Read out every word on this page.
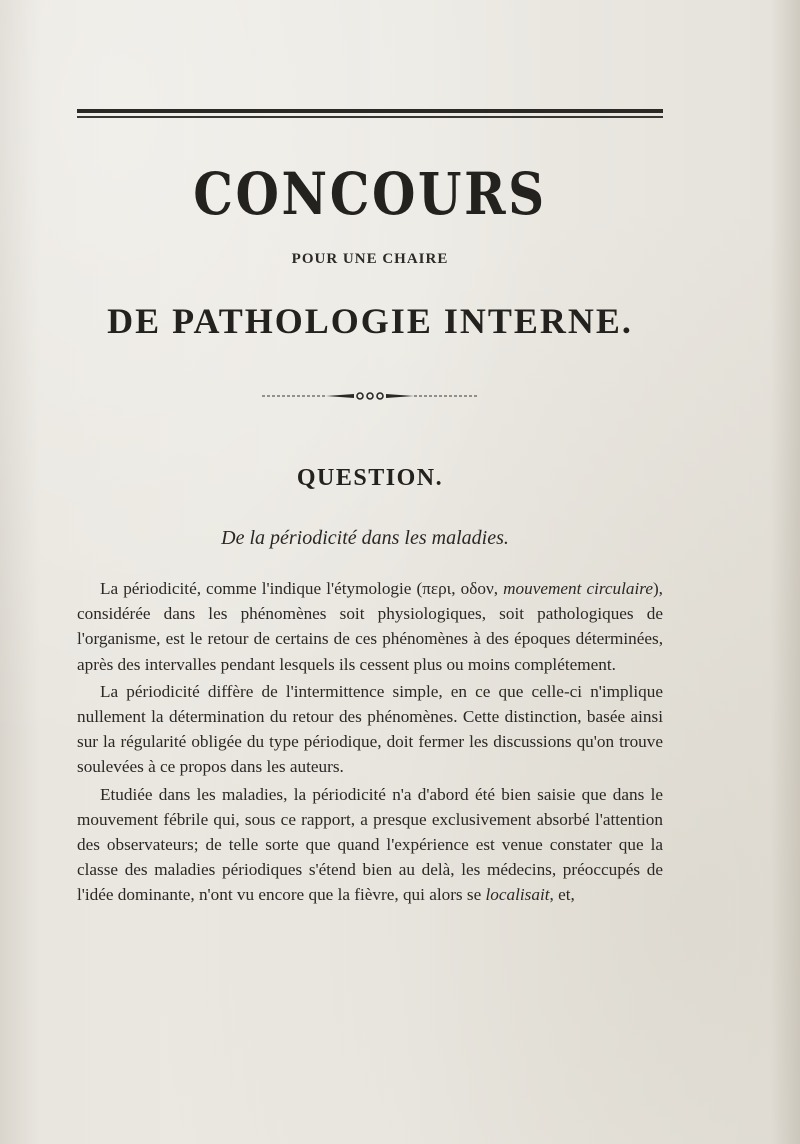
CONCOURS
POUR UNE CHAIRE
DE PATHOLOGIE INTERNE.
QUESTION.
De la périodicité dans les maladies.

La périodicité, comme l'indique l'étymologie (περι, οδον, mouvement circulaire), considérée dans les phénomènes soit physiologiques, soit pathologiques de l'organisme, est le retour de certains de ces phénomènes à des époques déterminées, après des intervalles pendant lesquels ils cessent plus ou moins complétement.

La périodicité diffère de l'intermittence simple, en ce que celle-ci n'implique nullement la détermination du retour des phénomènes. Cette distinction, basée ainsi sur la régularité obligée du type périodique, doit fermer les discussions qu'on trouve soulevées à ce propos dans les auteurs.

Etudiée dans les maladies, la périodicité n'a d'abord été bien saisie que dans le mouvement fébrile qui, sous ce rapport, a presque exclusivement absorbé l'attention des observateurs; de telle sorte que quand l'expérience est venue constater que la classe des maladies périodiques s'étend bien au delà, les médecins, préoccupés de l'idée dominante, n'ont vu encore que la fièvre, qui alors se localisait, et,
